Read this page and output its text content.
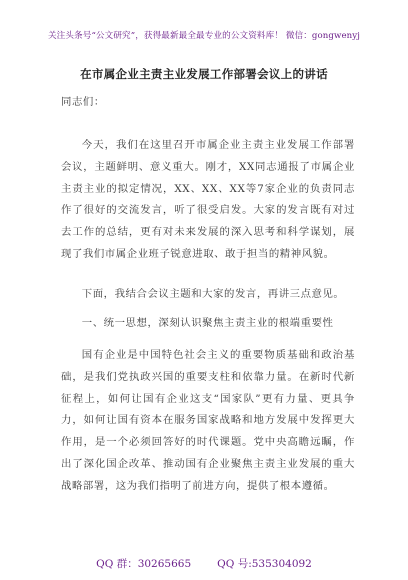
关注头条号“公文研究”，获得最新最全最专业的公文资料库！ 微信：gongwenyj
在市属企业主责主业发展工作部署会议上的讲话

同志们：

今天，我们在这里召开市属企业主责主业发展工作部署会议，主题鲜明、意义重大。刚才，XX同志通报了市属企业主责主业的拟定情况，XX、XX、XX等7家企业的负责同志作了很好的交流发言，听了很受启发。大家的发言既有对过去工作的总结，更有对未来发展的深入思考和科学谋划，展现了我们市属企业班子锐意进取、敢于担当的精神风貌。

下面，我结合会议主题和大家的发言，再讲三点意见。

一、统一思想，深刻认识聚焦主责主业的根端重要性

国有企业是中国特色社会主义的重要物质基础和政治基础，是我们党执政兴国的重要支柱和依靠力量。在新时代新征程上，如何让国有企业这支“国家队”更有力量、更具争力，如何让国有资本在服务国家战略和地方发展中发挥更大作用，是一个必须回答好的时代课题。党中央高瞻远瞩，作出了深化国企改革、推动国有企业聚焦主责主业发展的重大战略部署，这为我们指明了前进方向，提供了根本遵循。

QQ 群：30265665 QQ 号:535304092
